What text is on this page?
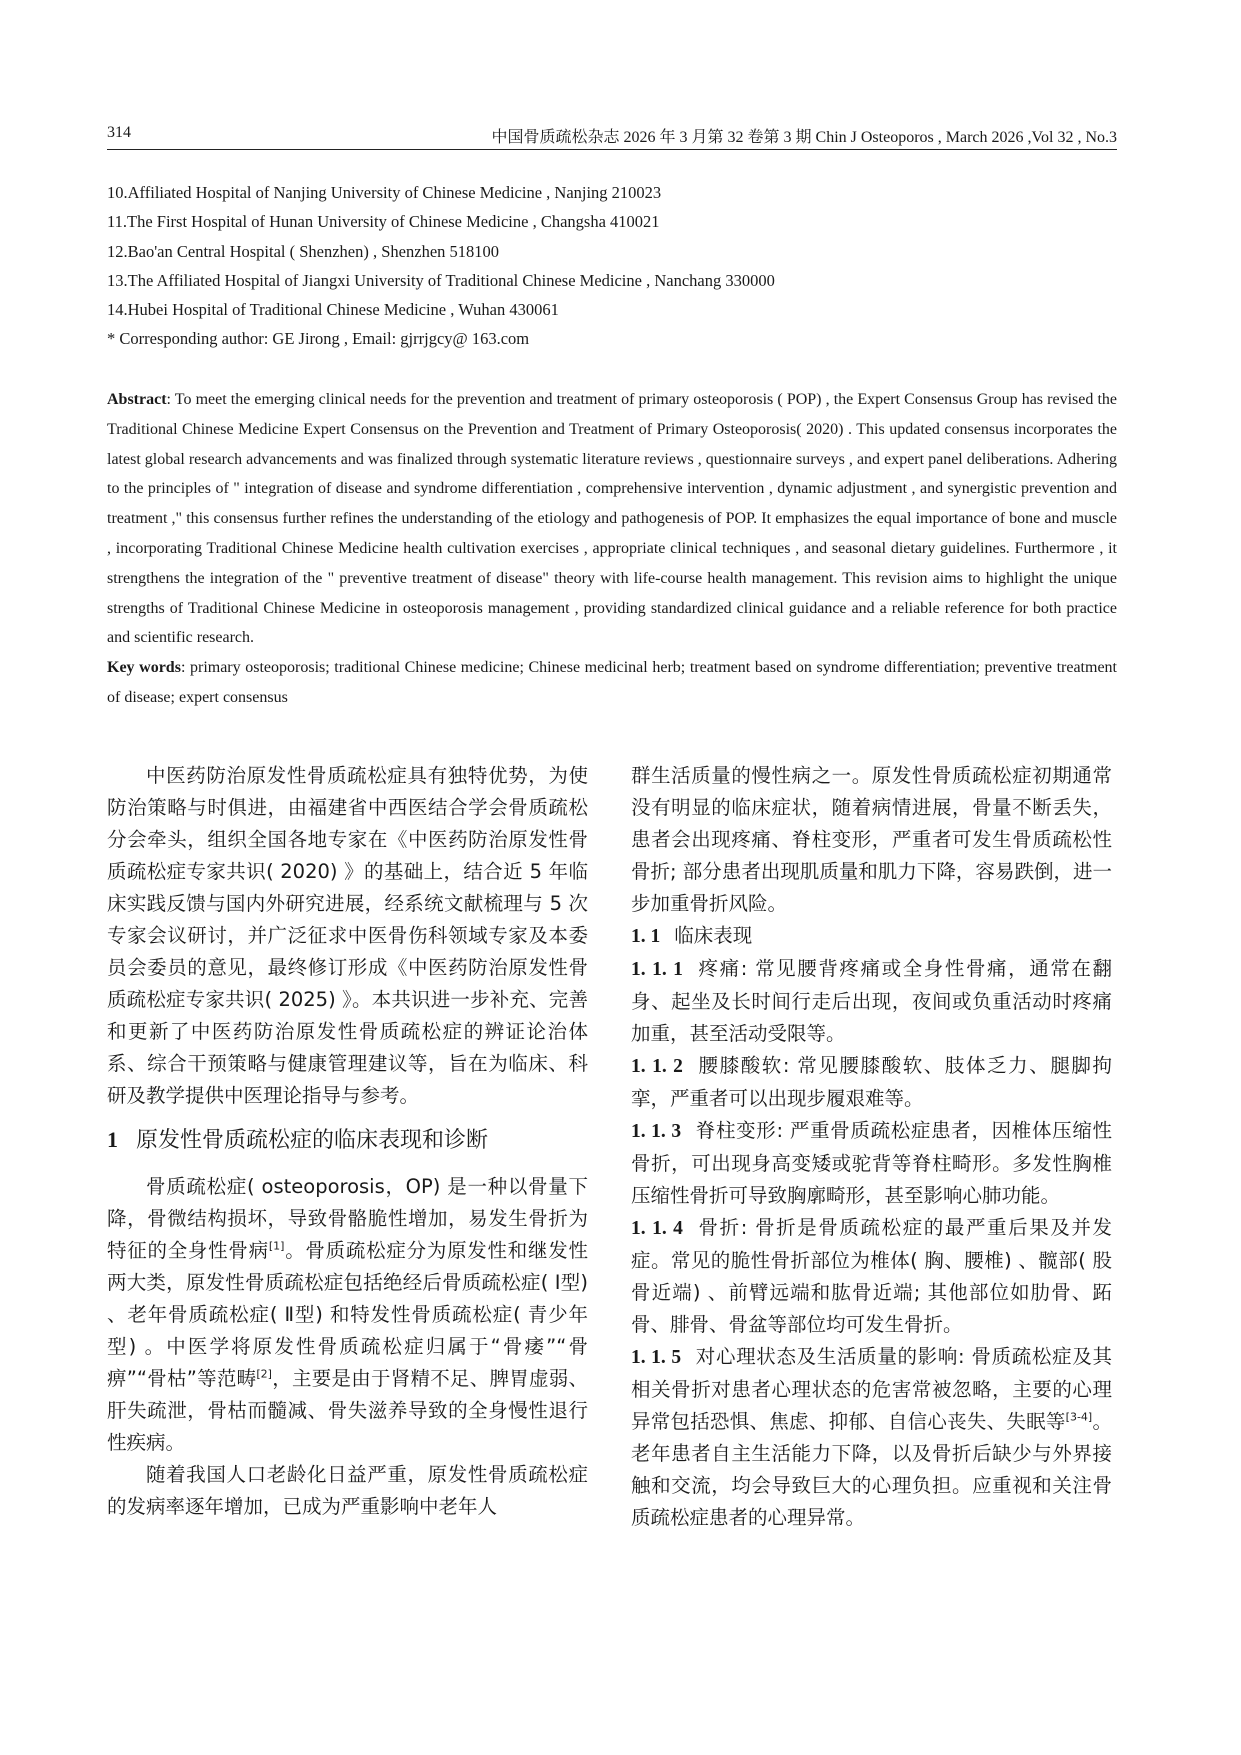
314	中国骨质疏松杂志 2026 年 3 月第 32 卷第 3 期 Chin J Osteoporos , March 2026 ,Vol 32 , No.3
10.Affiliated Hospital of Nanjing University of Chinese Medicine , Nanjing 210023
11.The First Hospital of Hunan University of Chinese Medicine , Changsha 410021
12.Bao'an Central Hospital ( Shenzhen) , Shenzhen 518100
13.The Affiliated Hospital of Jiangxi University of Traditional Chinese Medicine , Nanchang 330000
14.Hubei Hospital of Traditional Chinese Medicine , Wuhan 430061
* Corresponding author: GE Jirong , Email: gjrrjgcy@ 163.com
Abstract: To meet the emerging clinical needs for the prevention and treatment of primary osteoporosis ( POP) , the Expert Consensus Group has revised the Traditional Chinese Medicine Expert Consensus on the Prevention and Treatment of Primary Osteoporosis( 2020) . This updated consensus incorporates the latest global research advancements and was finalized through systematic literature reviews , questionnaire surveys , and expert panel deliberations. Adhering to the principles of " integration of disease and syndrome differentiation , comprehensive intervention , dynamic adjustment , and synergistic prevention and treatment ," this consensus further refines the understanding of the etiology and pathogenesis of POP. It emphasizes the equal importance of bone and muscle , incorporating Traditional Chinese Medicine health cultivation exercises , appropriate clinical techniques , and seasonal dietary guidelines. Furthermore , it strengthens the integration of the " preventive treatment of disease" theory with life-course health management. This revision aims to highlight the unique strengths of Traditional Chinese Medicine in osteoporosis management , providing standardized clinical guidance and a reliable reference for both practice and scientific research.
Key words: primary osteoporosis; traditional Chinese medicine; Chinese medicinal herb; treatment based on syndrome differentiation; preventive treatment of disease; expert consensus

中医药防治原发性骨质疏松症具有独特优势，为使防治策略与时俱进，由福建省中西医结合学会骨质疏松分会牵头，组织全国各地专家在《中医药防治原发性骨质疏松症专家共识( 2020) 》的基础上，结合近 5 年临床实践反馈与国内外研究进展，经系统文献梳理与 5 次专家会议研讨，并广泛征求中医骨伤科领域专家及本委员会委员的意见，最终修订形成《中医药防治原发性骨质疏松症专家共识( 2025) 》。本共识进一步补充、完善和更新了中医药防治原发性骨质疏松症的辨证论治体系、综合干预策略与健康管理建议等，旨在为临床、科研及教学提供中医理论指导与参考。

1 原发性骨质疏松症的临床表现和诊断

骨质疏松症( osteoporosis，OP) 是一种以骨量下降，骨微结构损坏，导致骨骼脆性增加，易发生骨折为特征的全身性骨病[1]。骨质疏松症分为原发性和继发性两大类，原发性骨质疏松症包括绝经后骨质疏松症( Ⅰ型) 、老年骨质疏松症( Ⅱ型) 和特发性骨质疏松症( 青少年型) 。中医学将原发性骨质疏松症归属于“骨痿”“骨痹”“骨枯”等范畴[2]，主要是由于肾精不足、脾胃虚弱、肝失疏泄，骨枯而髓减、骨失滋养导致的全身慢性退行性疾病。

随着我国人口老龄化日益严重，原发性骨质疏松症的发病率逐年增加，已成为严重影响中老年人

群生活质量的慢性病之一。原发性骨质疏松症初期通常没有明显的临床症状，随着病情进展，骨量不断丢失，患者会出现疼痛、脊柱变形，严重者可发生骨质疏松性骨折; 部分患者出现肌质量和肌力下降，容易跌倒，进一步加重骨折风险。

1. 1 临床表现

1. 1. 1 疼痛: 常见腰背疼痛或全身性骨痛，通常在翻身、起坐及长时间行走后出现，夜间或负重活动时疼痛加重，甚至活动受限等。

1. 1. 2 腰膝酸软: 常见腰膝酸软、肢体乏力、腿脚拘挛，严重者可以出现步履艰难等。

1. 1. 3 脊柱变形: 严重骨质疏松症患者，因椎体压缩性骨折，可出现身高变矮或驼背等脊柱畸形。多发性胸椎压缩性骨折可导致胸廓畸形，甚至影响心肺功能。

1. 1. 4 骨折: 骨折是骨质疏松症的最严重后果及并发症。常见的脆性骨折部位为椎体( 胸、腰椎) 、髋部( 股骨近端) 、前臂远端和肱骨近端; 其他部位如肋骨、跖骨、腓骨、骨盆等部位均可发生骨折。

1. 1. 5 对心理状态及生活质量的影响: 骨质疏松症及其相关骨折对患者心理状态的危害常被忽略，主要的心理异常包括恐惧、焦虑、抑郁、自信心丧失、失眠等[3-4]。老年患者自主生活能力下降，以及骨折后缺少与外界接触和交流，均会导致巨大的心理负担。应重视和关注骨质疏松症患者的心理异常。
